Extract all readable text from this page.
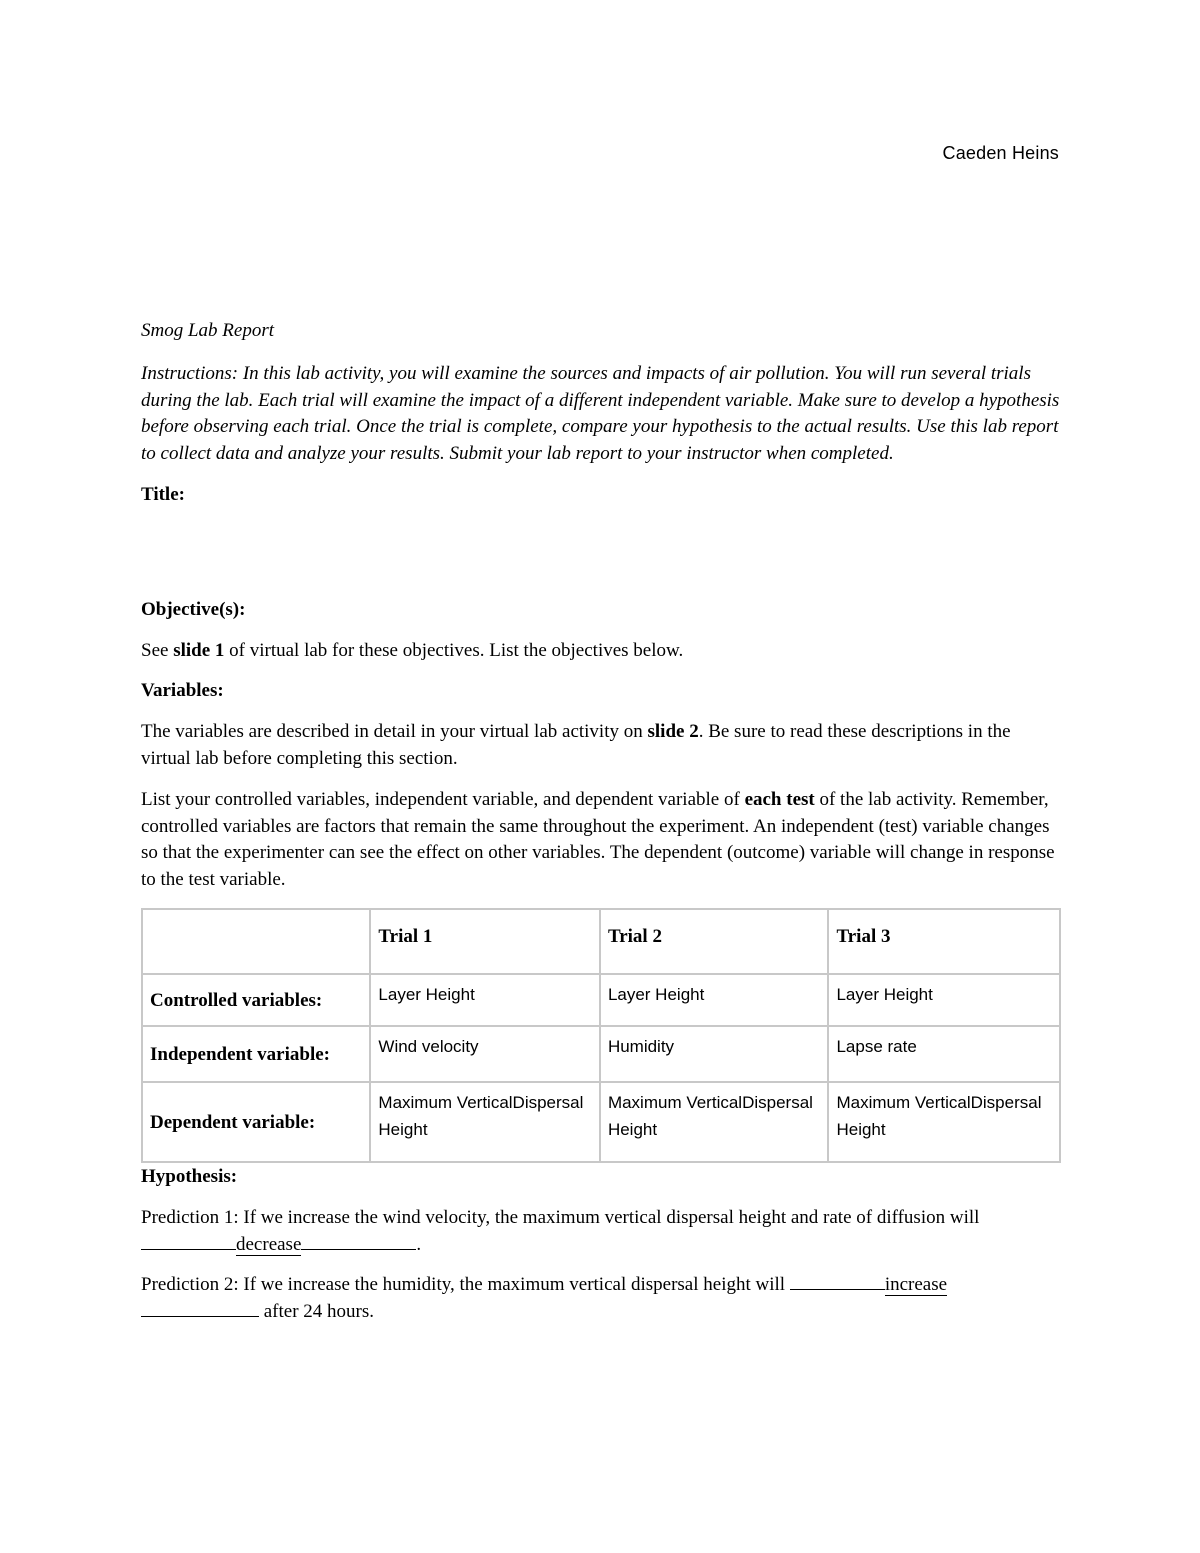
Caeden Heins

Smog Lab Report

Instructions: In this lab activity, you will examine the sources and impacts of air pollution. You will run several trials during the lab. Each trial will examine the impact of a different independent variable. Make sure to develop a hypothesis before observing each trial. Once the trial is complete, compare your hypothesis to the actual results. Use this lab report to collect data and analyze your results. Submit your lab report to your instructor when completed.

Title:

Objective(s):

See slide 1 of virtual lab for these objectives. List the objectives below.

Variables:

The variables are described in detail in your virtual lab activity on slide 2. Be sure to read these descriptions in the virtual lab before completing this section.

List your controlled variables, independent variable, and dependent variable of each test of the lab activity. Remember, controlled variables are factors that remain the same throughout the experiment. An independent (test) variable changes so that the experimenter can see the effect on other variables. The dependent (outcome) variable will change in response to the test variable.

	Trial 1	Trial 2	Trial 3
Controlled variables:	Layer Height	Layer Height	Layer Height
Independent variable:	Wind velocity	Humidity	Lapse rate
Dependent variable:	Maximum VerticalDispersal Height	Maximum VerticalDispersal Height	Maximum VerticalDispersal Height

Hypothesis:

Prediction 1: If we increase the wind velocity, the maximum vertical dispersal height and rate of diffusion will decrease	.

Prediction 2: If we increase the humidity, the maximum vertical dispersal height will	increase after 24 hours.
